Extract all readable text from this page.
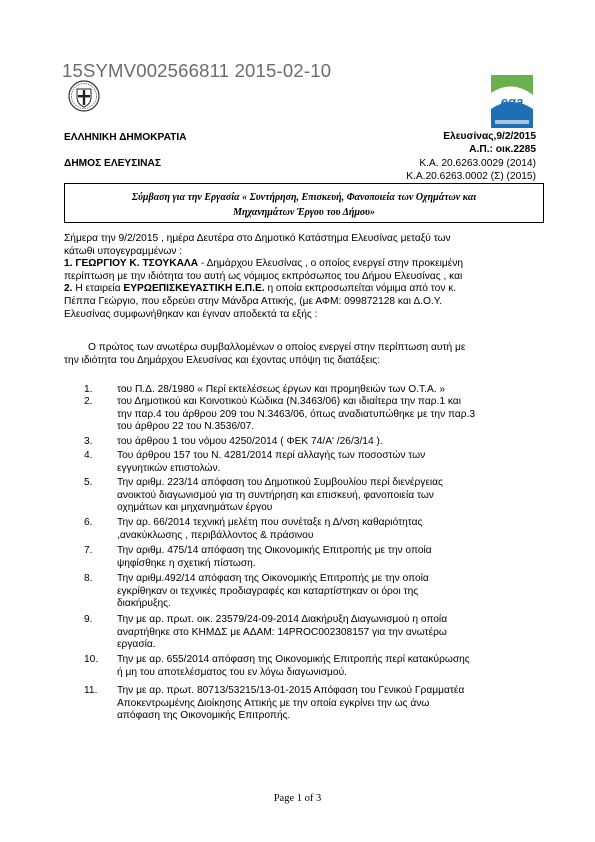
15SYMV002566811 2015-02-10
eqa
ΕΛΛΗΝΙΚΗ ΔΗΜΟΚΡΑΤΙΑ
ΔΗΜΟΣ ΕΛΕΥΣΙΝΑΣ
Ελευσίνας,9/2/2015
Α.Π.: οικ.2285
Κ.Α. 20.6263.0029 (2014)
Κ.Α.20.6263.0002 (Σ) (2015)
Σύμβαση για την Εργασία « Συντήρηση, Επισκευή, Φανοποιεία των Οχημάτων και
Μηχανημάτων Έργου του Δήμου»
Σήμερα την 9/2/2015 , ημέρα Δευτέρα στο Δημοτικό Κατάστημα Ελευσίνας μεταξύ των
κάτωθι υπογεγραμμένων :
1. ΓΕΩΡΓΙΟΥ Κ. ΤΣΟΥΚΑΛΑ - Δημάρχου Ελευσίνας , ο οποίος ενεργεί στην προκειμένη
περίπτωση με την ιδιότητα του αυτή ως νόμιμος εκπρόσωπος του Δήμου Ελευσίνας , και
2. Η εταιρεία ΕΥΡΩΕΠΙΣΚΕΥΑΣΤΙΚΗ Ε.Π.Ε. η οποία εκπροσωπείται νόμιμα από τον κ.
Πέππα Γεώργιο, που εδρεύει στην Μάνδρα Αττικής, (με ΑΦΜ: 099872128 και Δ.Ο.Υ.
Ελευσίνας συμφωνήθηκαν και έγιναν αποδεκτά τα εξής :
Ο πρώτος των ανωτέρω συμβαλλομένων ο οποίος ενεργεί στην περίπτωση αυτή με
την ιδιότητα του Δημάρχου Ελευσίνας και έχοντας υπόψη τις διατάξεις:
1.	του Π.Δ. 28/1980 « Περί εκτελέσεως έργων και προμηθειών των Ο.Τ.Α. »
2.	του Δημοτικού και Κοινοτικού Κώδικα (Ν.3463/06) και ιδιαίτερα την παρ.1 και
την παρ.4 του άρθρου 209 του Ν.3463/06, όπως αναδιατυπώθηκε με την παρ.3
του άρθρου 22 του Ν.3536/07.
3.	του άρθρου 1 του νόμου 4250/2014 ( ΦΕΚ 74/Α' /26/3/14 ).
4.	Του άρθρου 157 του Ν. 4281/2014 περί αλλαγής των ποσοστών των
εγγυητικών επιστολών.
5.	Την αριθμ. 223/14 απόφαση του Δημοτικού Συμβουλίου περί διενέργειας
ανοικτού διαγωνισμού για τη συντήρηση και επισκευή, φανοποιεία των
οχημάτων και μηχανημάτων έργου
6.	Την αρ. 66/2014 τεχνική μελέτη που συνέταξε η Δ/νση καθαριότητας
,ανακύκλωσης , περιβάλλοντος & πράσινου
7.	Την αριθμ. 475/14 απόφαση της Οικονομικής Επιτροπής με την οποία
ψηφίσθηκε η σχετική πίστωση.
8.	Την αριθμ.492/14 απόφαση της Οικονομικής Επιτροπής με την οποία
εγκρίθηκαν οι τεχνικές προδιαγραφές και καταρτίστηκαν οι όροι της
διακήρυξης.
9.	Την με αρ. πρωτ. οικ. 23579/24-09-2014 Διακήρυξη Διαγωνισμού η οποία
αναρτήθηκε στο ΚΗΜΔΣ με ΑΔΑΜ: 14PROC002308157 για την ανωτέρω
εργασία.
10.	Την με αρ. 655/2014 απόφαση της Οικονομικής Επιτροπής περί κατακύρωσης
ή μη του αποτελέσματος του εν λόγω διαγωνισμού.
11.	Την με αρ. πρωτ. 80713/53215/13-01-2015 Απόφαση του Γενικού Γραμματέα
Αποκεντρωμένης Διοίκησης Αττικής με την οποία εγκρίνει την ως άνω
απόφαση της Οικονομικής Επιτροπής.
Page 1 of 3
